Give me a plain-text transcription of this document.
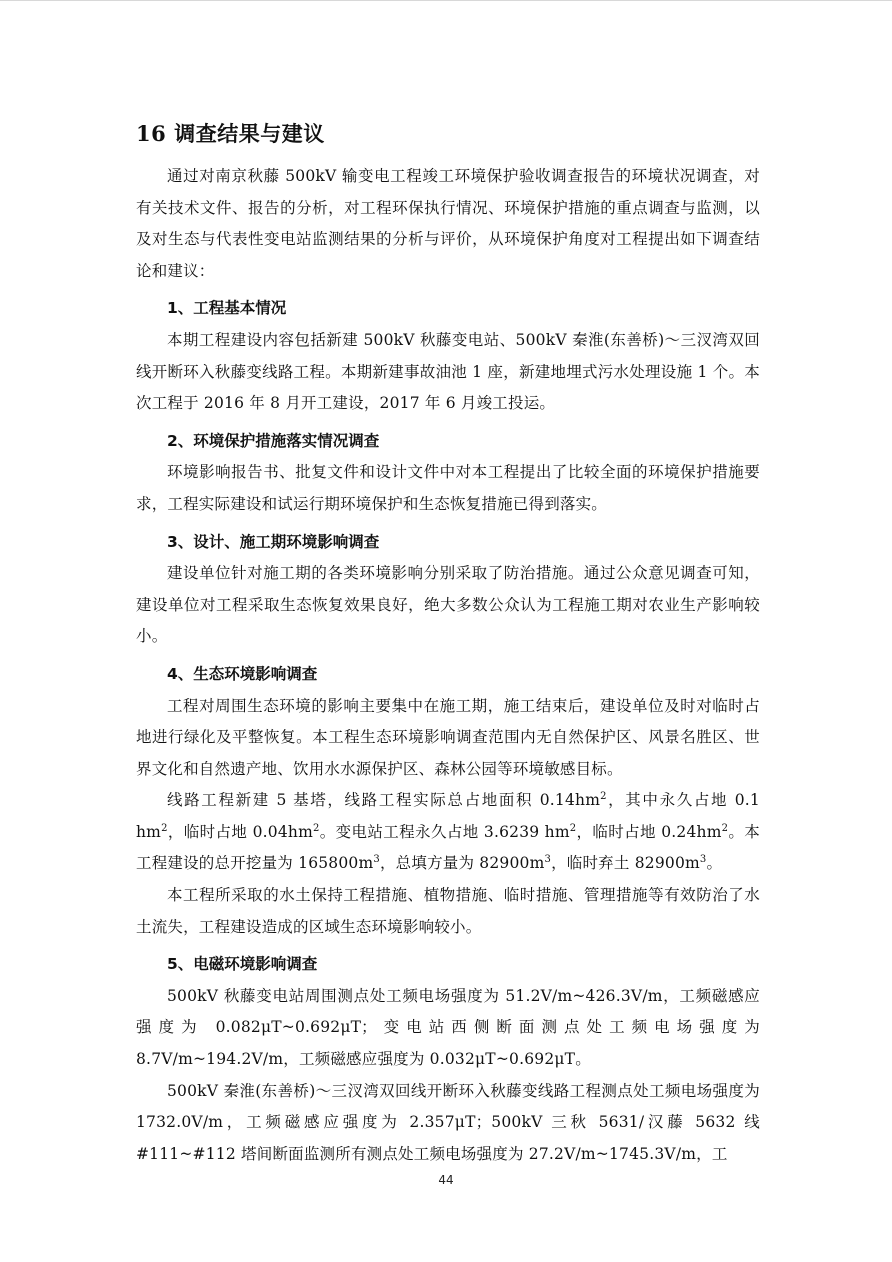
16 调查结果与建议

通过对南京秋藤 500kV 输变电工程竣工环境保护验收调查报告的环境状况调查，对有关技术文件、报告的分析，对工程环保执行情况、环境保护措施的重点调查与监测，以及对生态与代表性变电站监测结果的分析与评价，从环境保护角度对工程提出如下调查结论和建议：

1、工程基本情况

本期工程建设内容包括新建 500kV 秋藤变电站、500kV 秦淮(东善桥)～三汊湾双回线开断环入秋藤变线路工程。本期新建事故油池 1 座，新建地埋式污水处理设施 1 个。本次工程于 2016 年 8 月开工建设，2017 年 6 月竣工投运。

2、环境保护措施落实情况调查

环境影响报告书、批复文件和设计文件中对本工程提出了比较全面的环境保护措施要求，工程实际建设和试运行期环境保护和生态恢复措施已得到落实。

3、设计、施工期环境影响调查

建设单位针对施工期的各类环境影响分别采取了防治措施。通过公众意见调查可知，建设单位对工程采取生态恢复效果良好，绝大多数公众认为工程施工期对农业生产影响较小。

4、生态环境影响调查

工程对周围生态环境的影响主要集中在施工期，施工结束后，建设单位及时对临时占地进行绿化及平整恢复。本工程生态环境影响调查范围内无自然保护区、风景名胜区、世界文化和自然遗产地、饮用水水源保护区、森林公园等环境敏感目标。

线路工程新建 5 基塔，线路工程实际总占地面积 $0.14hm^2$，其中永久占地 0.1 $hm^2$，临时占地 $0.04hm^2$。变电站工程永久占地 3.6239 $hm^2$，临时占地 $0.24hm^2$。本工程建设的总开挖量为 $165800m^3$，总填方量为 $82900m^3$，临时弃土 $82900m^3$。

本工程所采取的水土保持工程措施、植物措施、临时措施、管理措施等有效防治了水土流失，工程建设造成的区域生态环境影响较小。

5、电磁环境影响调查

500kV 秋藤变电站周围测点处工频电场强度为 51.2V/m~426.3V/m，工频磁感应强度为 0.082μT~0.692μT；变电站西侧断面测点处工频电场强度为 8.7V/m~194.2V/m，工频磁感应强度为 0.032μT~0.692μT。

500kV 秦淮(东善桥)～三汊湾双回线开断环入秋藤变线路工程测点处工频电场强度为 1732.0V/m，工频磁感应强度为 2.357μT；500kV 三秋 5631/汉藤 5632 线#111~#112 塔间断面监测所有测点处工频电场强度为 27.2V/m~1745.3V/m，工

44
